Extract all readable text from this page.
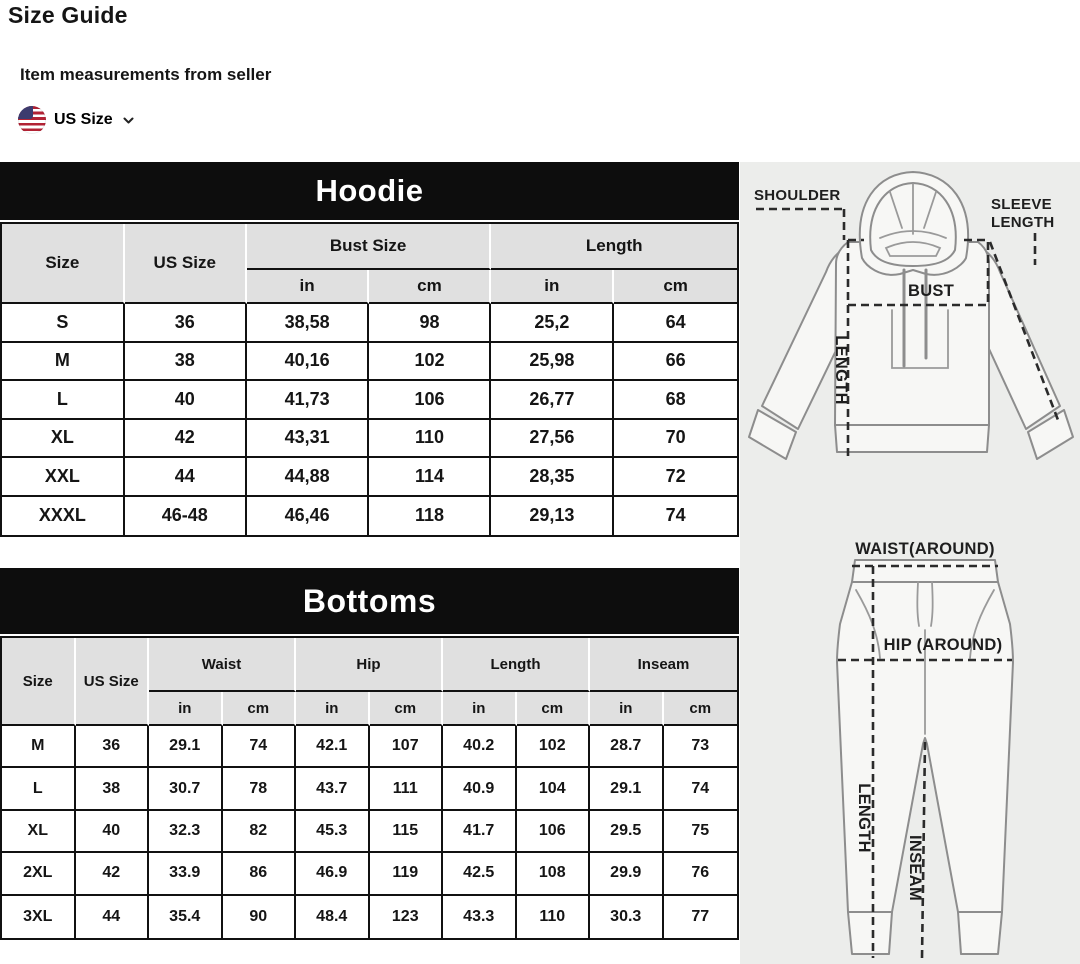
Size Guide
Item measurements from seller
US Size
Hoodie
Size	US Size	Bust Size		Length	
		in	cm	in	cm
S	36	38,58	98	25,2	64
M	38	40,16	102	25,98	66
L	40	41,73	106	26,77	68
XL	42	43,31	110	27,56	70
XXL	44	44,88	114	28,35	72
XXXL	46-48	46,46	118	29,13	74
Bottoms
Size	US Size	Waist		Hip		Length		Inseam	
		in	cm	in	cm	in	cm	in	cm
M	36	29.1	74	42.1	107	40.2	102	28.7	73
L	38	30.7	78	43.7	111	40.9	104	29.1	74
XL	40	32.3	82	45.3	115	41.7	106	29.5	75
2XL	42	33.9	86	46.9	119	42.5	108	29.9	76
3XL	44	35.4	90	48.4	123	43.3	110	30.3	77
SHOULDER
SLEEVE
LENGTH
BUST
LENGTH
WAIST(AROUND)
HIP (AROUND)
LENGTH
INSEAM
